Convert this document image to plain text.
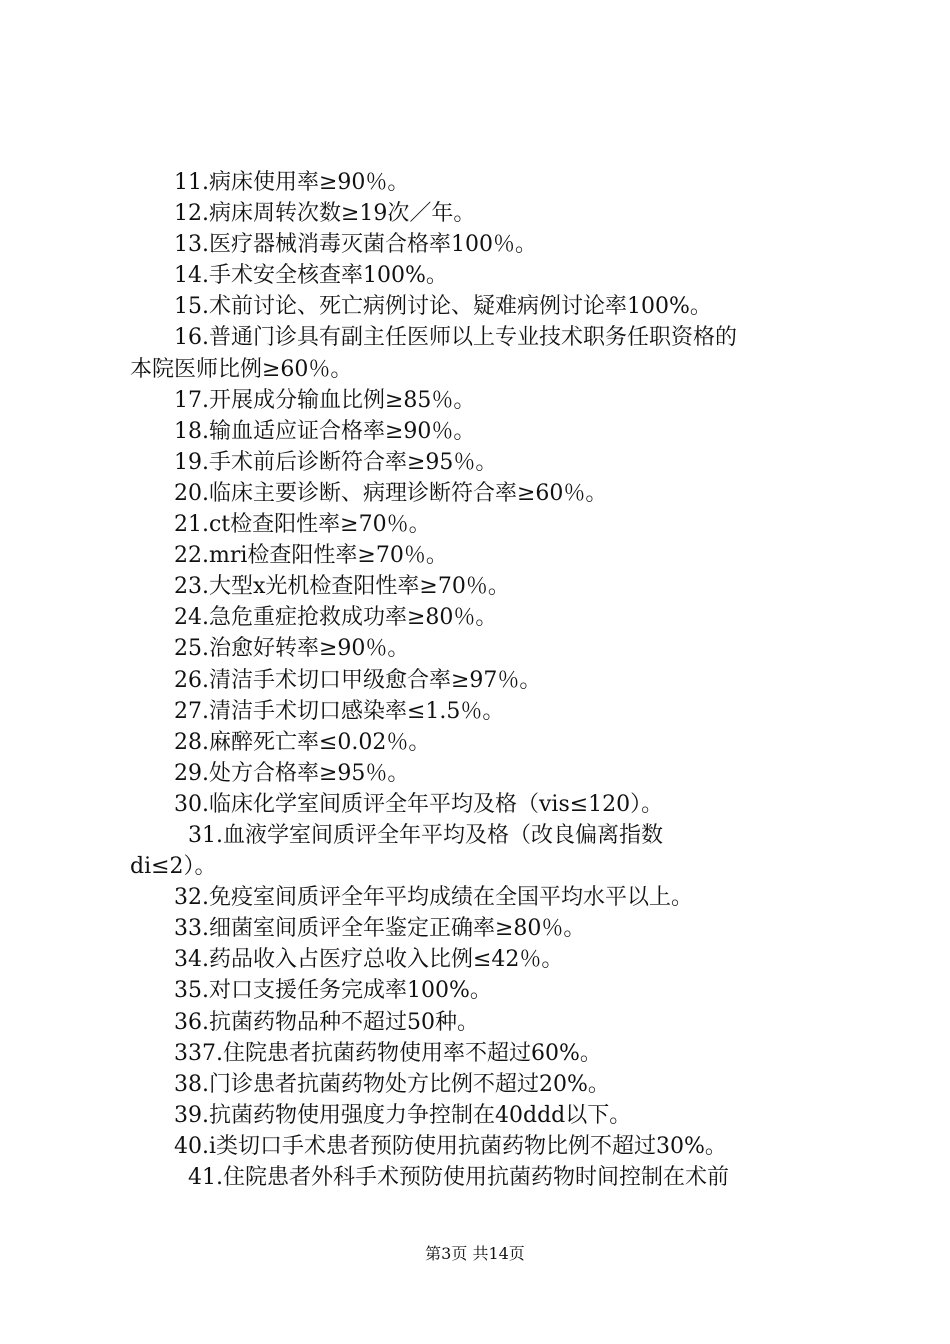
11.病床使用率≥90％。
12.病床周转次数≥19次／年。
13.医疗器械消毒灭菌合格率100％。
14.手术安全核查率100%。
15.术前讨论、死亡病例讨论、疑难病例讨论率100%。
16.普通门诊具有副主任医师以上专业技术职务任职资格的
本院医师比例≥60％。
17.开展成分输血比例≥85％。
18.输血适应证合格率≥90％。
19.手术前后诊断符合率≥95％。
20.临床主要诊断、病理诊断符合率≥60％。
21.ct检查阳性率≥70％。
22.mri检查阳性率≥70％。
23.大型x光机检查阳性率≥70％。
24.急危重症抢救成功率≥80％。
25.治愈好转率≥90％。
26.清洁手术切口甲级愈合率≥97％。
27.清洁手术切口感染率≤1.5％。
28.麻醉死亡率≤0.02％。
29.处方合格率≥95％。
30.临床化学室间质评全年平均及格（vis≤120）。
31.血液学室间质评全年平均及格（改良偏离指数
di≤2）。
32.免疫室间质评全年平均成绩在全国平均水平以上。
33.细菌室间质评全年鉴定正确率≥80％。
34.药品收入占医疗总收入比例≤42％。
35.对口支援任务完成率100%。
36.抗菌药物品种不超过50种。
337.住院患者抗菌药物使用率不超过60%。
38.门诊患者抗菌药物处方比例不超过20%。
39.抗菌药物使用强度力争控制在40ddd以下。
40.i类切口手术患者预防使用抗菌药物比例不超过30%。
41.住院患者外科手术预防使用抗菌药物时间控制在术前
第3页 共14页
